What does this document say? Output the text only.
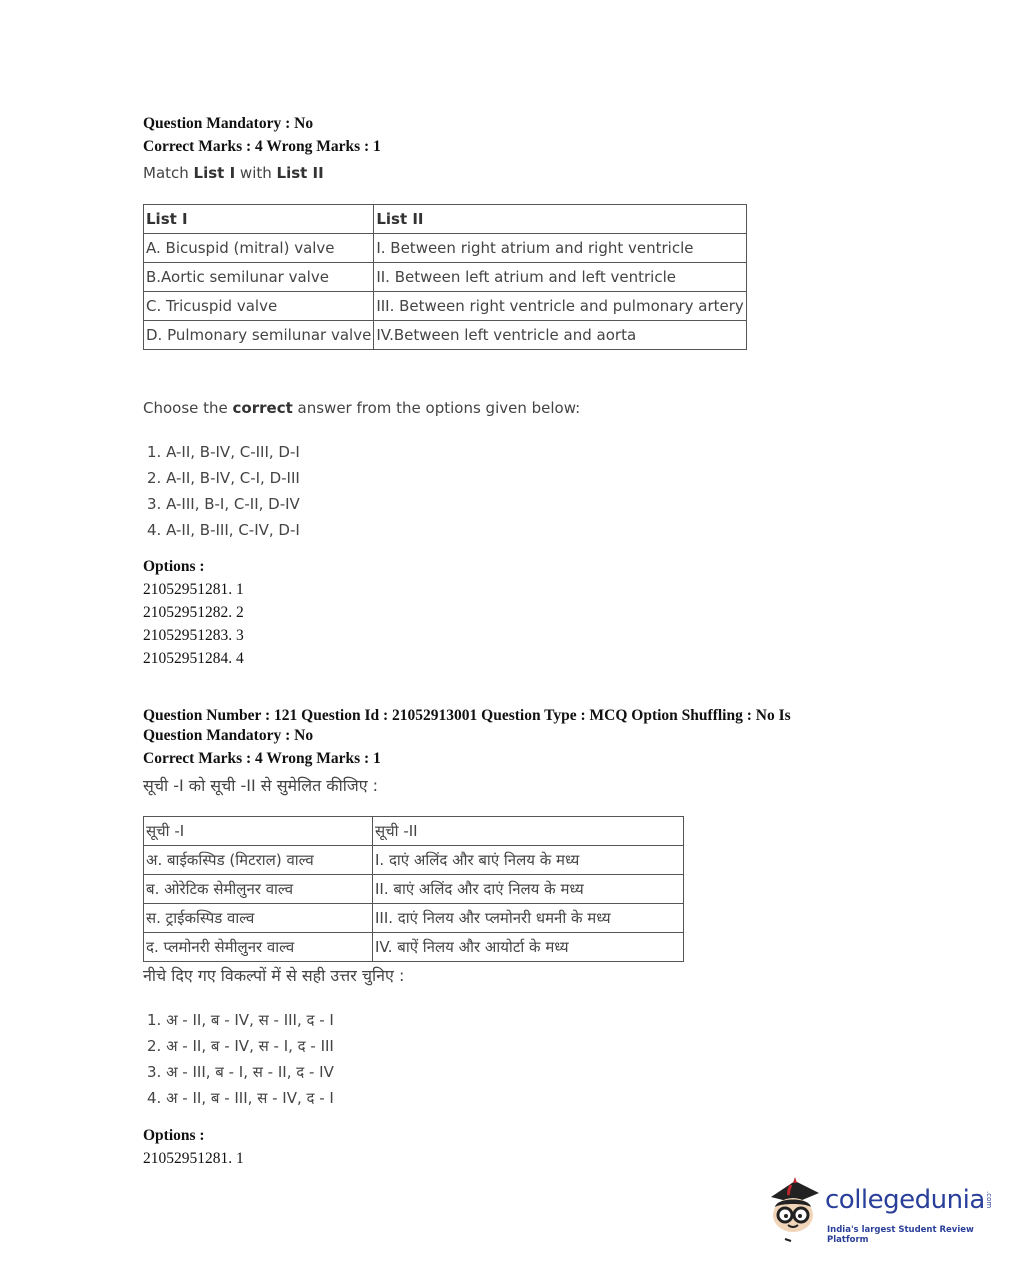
Question Mandatory : No
Correct Marks : 4 Wrong Marks : 1
Match List I with List II
List I	List II
A. Bicuspid (mitral) valve	I. Between right atrium and right ventricle
B.Aortic semilunar valve	II. Between left atrium and left ventricle
C. Tricuspid valve	III. Between right ventricle and pulmonary artery
D. Pulmonary semilunar valve	IV.Between left ventricle and aorta
Choose the correct answer from the options given below:
1. A-II, B-IV, C-III, D-I
2. A-II, B-IV, C-I, D-III
3. A-III, B-I, C-II, D-IV
4. A-II, B-III, C-IV, D-I
Options :
21052951281. 1
21052951282. 2
21052951283. 3
21052951284. 4
Question Number : 121 Question Id : 21052913001 Question Type : MCQ Option Shuffling : No Is
Question Mandatory : No
Correct Marks : 4 Wrong Marks : 1
सूची -I को सूची -II से सुमेलित कीजिए :
सूची -I	सूची -II
अ. बाईकस्पिड (मिटराल) वाल्व	I. दाएं अलिंद और बाएं निलय के मध्य
ब. ओरेटिक सेमीलुनर वाल्व	II. बाएं अलिंद और दाएं निलय के मध्य
स. ट्राईकस्पिड वाल्व	III. दाएं निलय और प्लमोनरी धमनी के मध्य
द. प्लमोनरी सेमीलुनर वाल्व	IV. बाऐं निलय और आयोर्टा के मध्य
नीचे दिए गए विकल्पों में से सही उत्तर चुनिए :
1. अ - II, ब - IV, स - III, द - I
2. अ - II, ब - IV, स - I, द - III
3. अ - III, ब - I, स - II, द - IV
4. अ - II, ब - III, स - IV, द - I
Options :
21052951281. 1
collegedunia .com
India's largest Student Review Platform
